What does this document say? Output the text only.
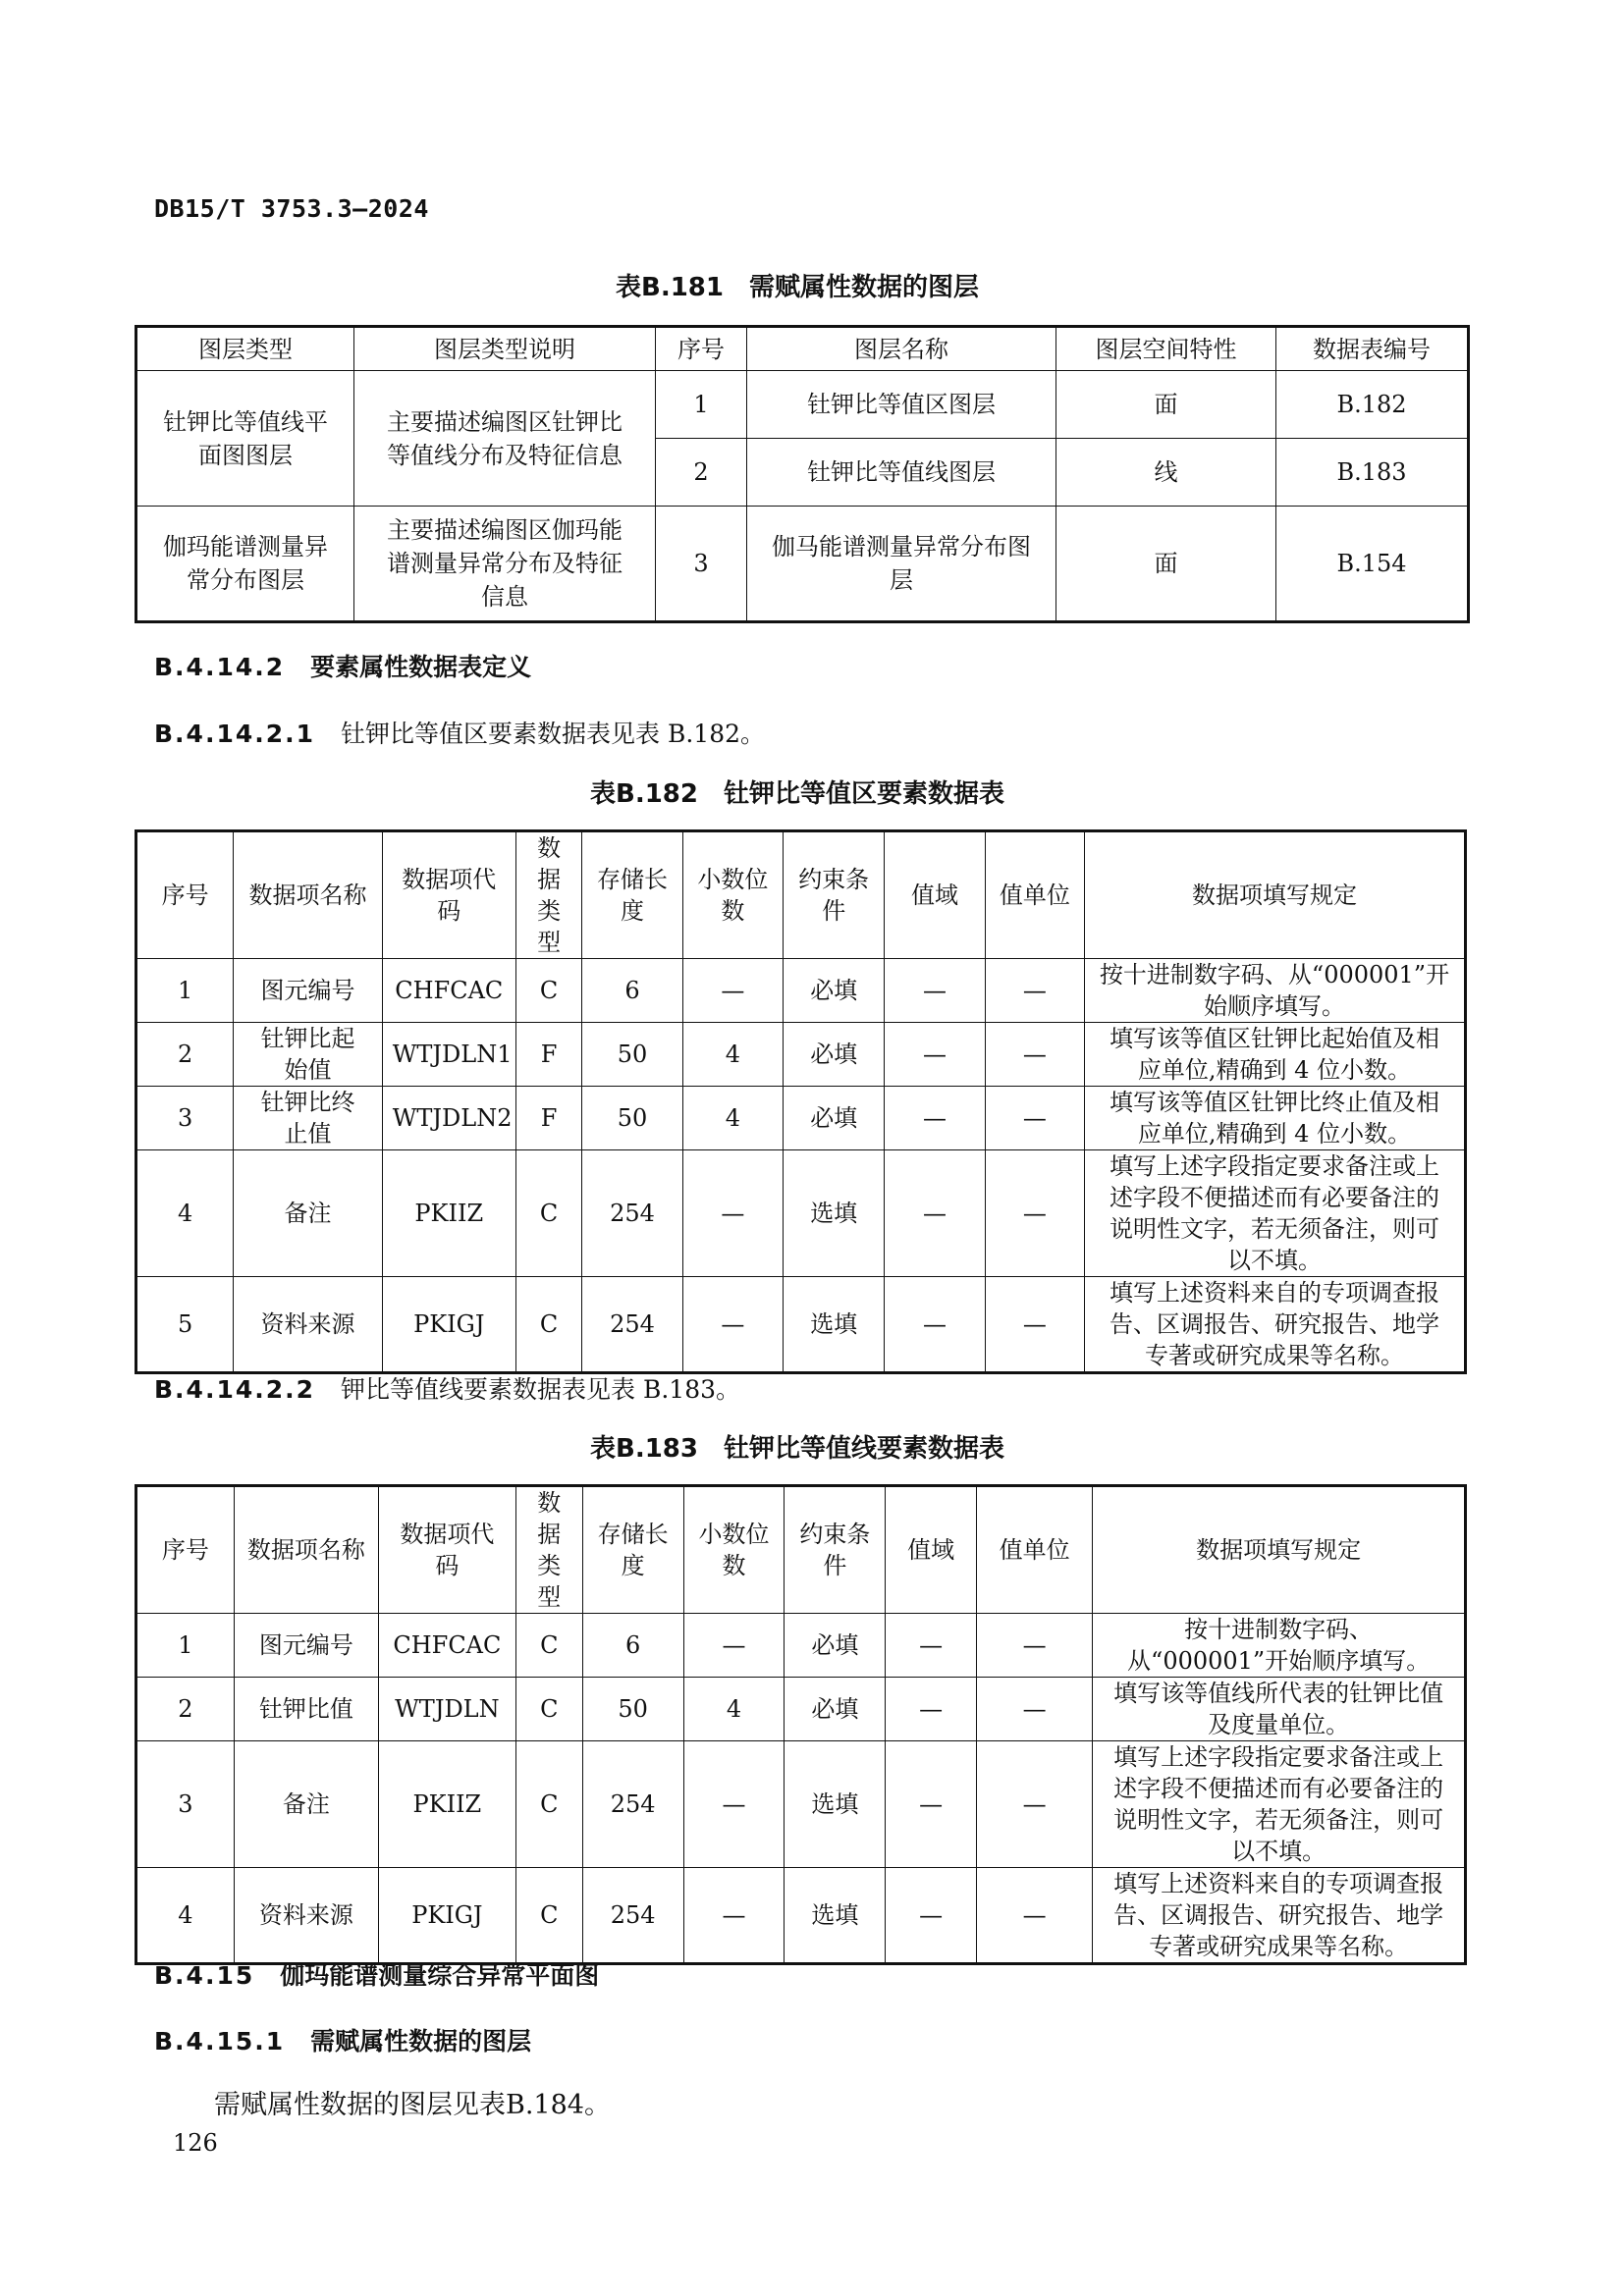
DB15/T 3753.3—2024
表B.181　需赋属性数据的图层
图层类型	图层类型说明	序号	图层名称	图层空间特性	数据表编号
钍钾比等值线平面图图层	主要描述编图区钍钾比等值线分布及特征信息	1	钍钾比等值区图层	面	B.182
		2	钍钾比等值线图层	线	B.183
伽玛能谱测量异常分布图层	主要描述编图区伽玛能谱测量异常分布及特征信息	3	伽马能谱测量异常分布图层	面	B.154
B.4.14.2 要素属性数据表定义
B.4.14.2.1 钍钾比等值区要素数据表见表 B.182。
表B.182　钍钾比等值区要素数据表
序号	数据项名称	数据项代码	数据类型	存储长度	小数位数	约束条件	值域	值单位	数据项填写规定
1	图元编号	CHFCAC	C	6	—	必填	—	—	按十进制数字码、从“000001”开始顺序填写。
2	钍钾比起始值	WTJDLN1	F	50	4	必填	—	—	填写该等值区钍钾比起始值及相应单位,精确到 4 位小数。
3	钍钾比终止值	WTJDLN2	F	50	4	必填	—	—	填写该等值区钍钾比终止值及相应单位,精确到 4 位小数。
4	备注	PKIIZ	C	254	—	选填	—	—	填写上述字段指定要求备注或上述字段不便描述而有必要备注的说明性文字，若无须备注，则可以不填。
5	资料来源	PKIGJ	C	254	—	选填	—	—	填写上述资料来自的专项调查报告、区调报告、研究报告、地学专著或研究成果等名称。
B.4.14.2.2 钾比等值线要素数据表见表 B.183。
表B.183　钍钾比等值线要素数据表
序号	数据项名称	数据项代码	数据类型	存储长度	小数位数	约束条件	值域	值单位	数据项填写规定
1	图元编号	CHFCAC	C	6	—	必填	—	—	按十进制数字码、从“000001”开始顺序填写。
2	钍钾比值	WTJDLN	C	50	4	必填	—	—	填写该等值线所代表的钍钾比值及度量单位。
3	备注	PKIIZ	C	254	—	选填	—	—	填写上述字段指定要求备注或上述字段不便描述而有必要备注的说明性文字，若无须备注，则可以不填。
4	资料来源	PKIGJ	C	254	—	选填	—	—	填写上述资料来自的专项调查报告、区调报告、研究报告、地学专著或研究成果等名称。
B.4.15 伽玛能谱测量综合异常平面图
B.4.15.1 需赋属性数据的图层
需赋属性数据的图层见表B.184。
126
